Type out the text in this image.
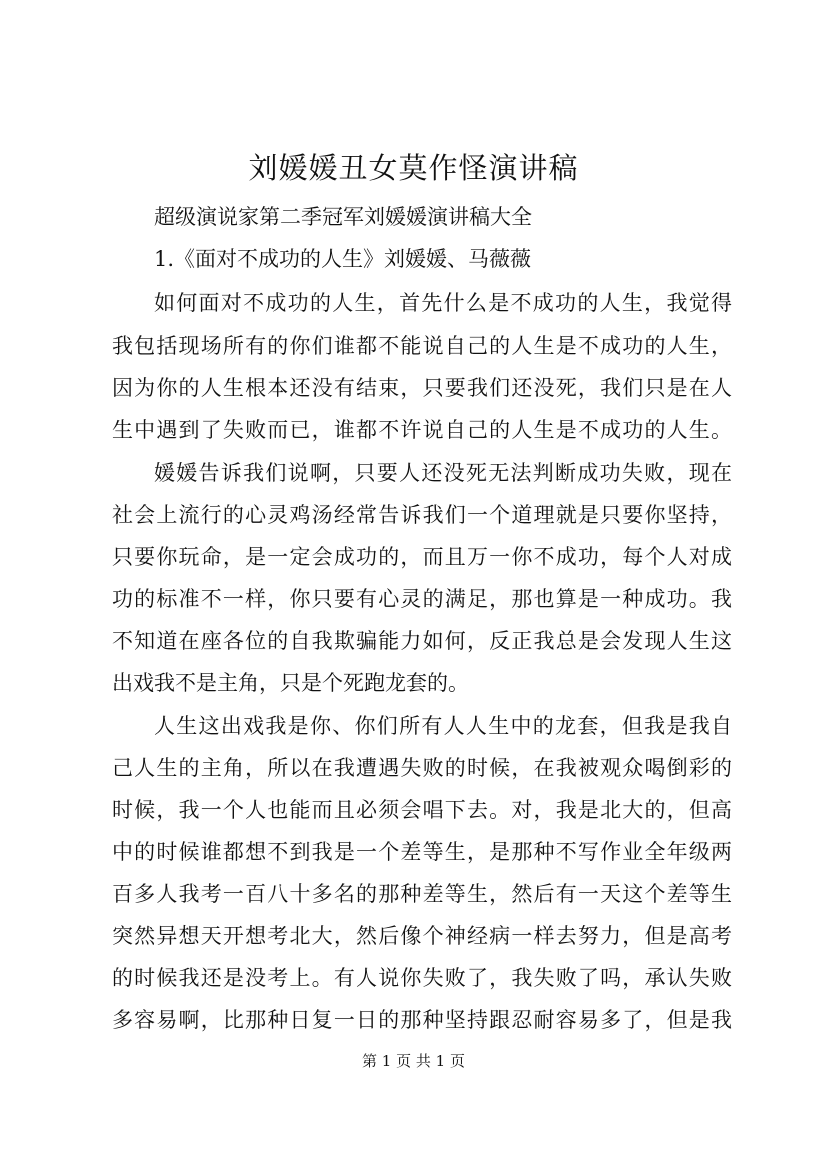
刘媛媛丑女莫作怪演讲稿
超级演说家第二季冠军刘媛媛演讲稿大全
1.《面对不成功的人生》刘媛媛、马薇薇
如何面对不成功的人生，首先什么是不成功的人生，我觉得
我包括现场所有的你们谁都不能说自己的人生是不成功的人生，
因为你的人生根本还没有结束，只要我们还没死，我们只是在人
生中遇到了失败而已，谁都不许说自己的人生是不成功的人生。
媛媛告诉我们说啊，只要人还没死无法判断成功失败，现在
社会上流行的心灵鸡汤经常告诉我们一个道理就是只要你坚持，
只要你玩命，是一定会成功的，而且万一你不成功，每个人对成
功的标准不一样，你只要有心灵的满足，那也算是一种成功。我
不知道在座各位的自我欺骗能力如何，反正我总是会发现人生这
出戏我不是主角，只是个死跑龙套的。
人生这出戏我是你、你们所有人人生中的龙套，但我是我自
己人生的主角，所以在我遭遇失败的时候，在我被观众喝倒彩的
时候，我一个人也能而且必须会唱下去。对，我是北大的，但高
中的时候谁都想不到我是一个差等生，是那种不写作业全年级两
百多人我考一百八十多名的那种差等生，然后有一天这个差等生
突然异想天开想考北大，然后像个神经病一样去努力，但是高考
的时候我还是没考上。有人说你失败了，我失败了吗，承认失败
多容易啊，比那种日复一日的那种坚持跟忍耐容易多了，但是我
第 1 页 共 1 页
